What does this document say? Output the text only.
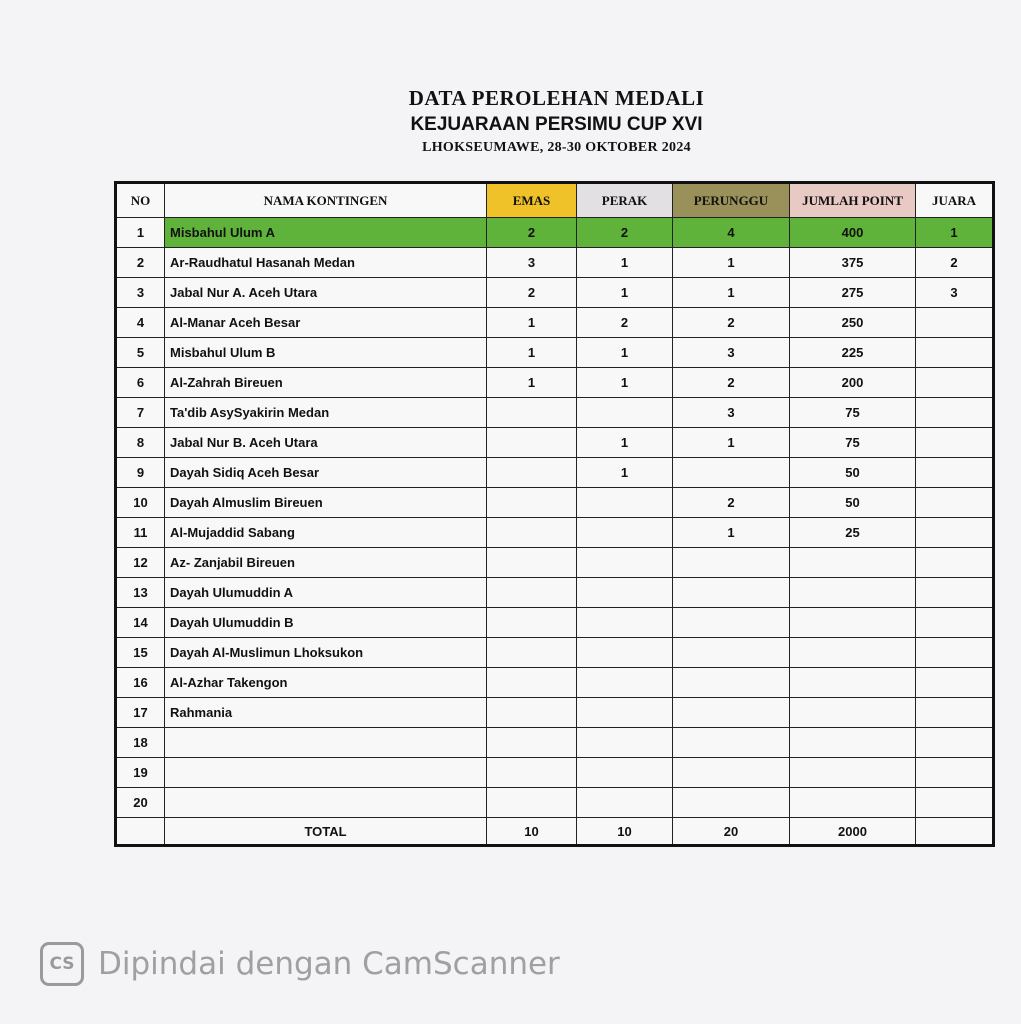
DATA PEROLEHAN MEDALI
KEJUARAAN PERSIMU CUP XVI
LHOKSEUMAWE, 28-30 OKTOBER 2024
NO	NAMA KONTINGEN	EMAS	PERAK	PERUNGGU	JUMLAH POINT	JUARA
1	Misbahul Ulum A	2	2	4	400	1
2	Ar-Raudhatul Hasanah Medan	3	1	1	375	2
3	Jabal Nur A. Aceh Utara	2	1	1	275	3
4	Al-Manar Aceh Besar	1	2	2	250	
5	Misbahul Ulum B	1	1	3	225	
6	Al-Zahrah Bireuen	1	1	2	200	
7	Ta'dib AsySyakirin Medan			3	75	
8	Jabal Nur B. Aceh Utara		1	1	75	
9	Dayah Sidiq Aceh Besar		1		50	
10	Dayah Almuslim Bireuen			2	50	
11	Al-Mujaddid Sabang			1	25	
12	Az- Zanjabil Bireuen					
13	Dayah Ulumuddin A					
14	Dayah Ulumuddin B					
15	Dayah Al-Muslimun Lhoksukon					
16	Al-Azhar Takengon					
17	Rahmania					
18						
19						
20						
	TOTAL	10	10	20	2000	
CS Dipindai dengan CamScanner
